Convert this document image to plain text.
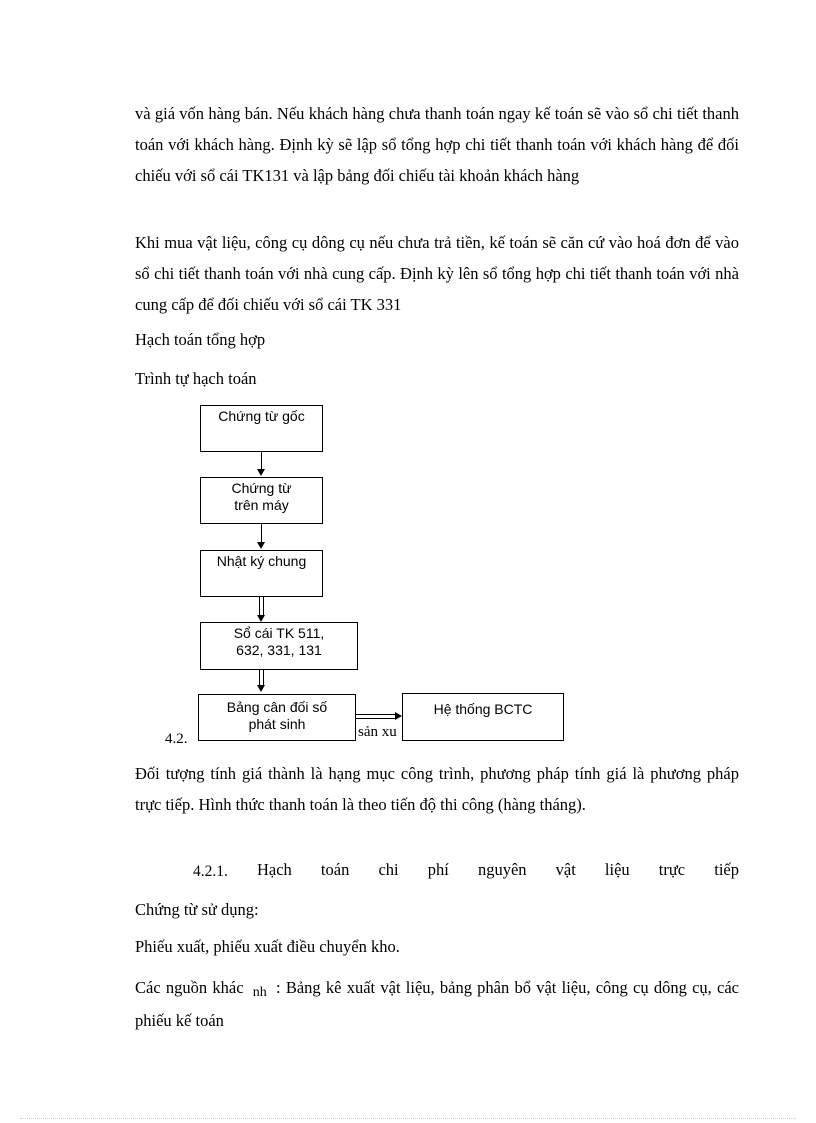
và giá vốn hàng bán. Nếu khách hàng chưa thanh toán ngay kế toán sẽ vào sổ chi tiết thanh toán với khách hàng. Định kỳ sẽ lập sổ tổng hợp chi tiết thanh toán với khách hàng để đối chiếu với sổ cái TK131 và lập bảng đối chiếu tài khoản khách hàng

Khi mua vật liệu, công cụ dông cụ nếu chưa trả tiền, kế toán sẽ căn cứ vào hoá đơn để vào sổ chi tiết thanh toán với nhà cung cấp. Định kỳ lên sổ tổng hợp chi tiết thanh toán với nhà cung cấp để đối chiếu với sổ cái TK 331

Hạch toán tổng hợp
Trình tự hạch toán
Chứng từ gốc
Chứng từ
trên máy
Nhật ký chung
Sổ cái TK 511,
632, 331, 131
Bảng cân đối số
phát sinh
Hệ thống BCTC
4.2.	sản xu

Đối tượng tính giá thành là hạng mục công trình, phương pháp tính giá là phương pháp trực tiếp. Hình thức thanh toán là theo tiến độ thi công (hàng tháng).

4.2.1. Hạch toán chi phí nguyên vật liệu trực tiếp
Chứng từ sử dụng:
Phiếu xuất, phiếu xuất điều chuyển kho.

Các nguồn khác nh : Bảng kê xuất vật liệu, bảng phân bổ vật liệu, công cụ dông cụ, các phiếu kế toán
